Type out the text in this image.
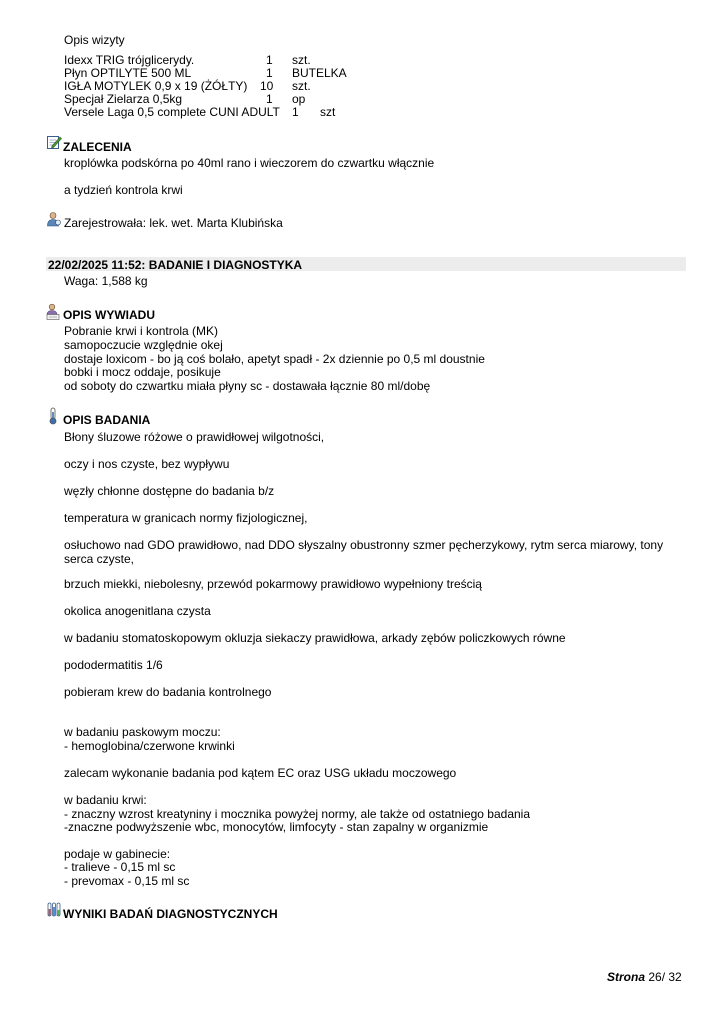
Opis wizyty
Idexx TRIG trójglicerydy.	1 szt.
Płyn OPTILYTE 500 ML	1 BUTELKA
IGŁA MOTYLEK 0,9 x 19 (ŻÓŁTY) 10 szt.
Specjał Zielarza 0,5kg	1 op
Versele Laga 0,5 complete CUNI ADULT 1 szt
ZALECENIA
kroplówka podskórna po 40ml rano i wieczorem do czwartku włącznie
a tydzień kontrola krwi
Zarejestrowała: lek. wet. Marta Klubińska
22/02/2025 11:52: BADANIE I DIAGNOSTYKA
Waga: 1,588 kg
OPIS WYWIADU
Pobranie krwi i kontrola (MK)
samopoczucie względnie okej
dostaje loxicom - bo ją coś bolało, apetyt spadł - 2x dziennie po 0,5 ml doustnie
bobki i mocz oddaje, posikuje
od soboty do czwartku miała płyny sc - dostawała łącznie 80 ml/dobę
OPIS BADANIA
Błony śluzowe różowe o prawidłowej wilgotności,
oczy i nos czyste, bez wypływu
węzły chłonne dostępne do badania b/z
temperatura w granicach normy fizjologicznej,
osłuchowo nad GDO prawidłowo, nad DDO słyszalny obustronny szmer pęcherzykowy, rytm serca miarowy, tony
serca czyste,
brzuch miekki, niebolesny, przewód pokarmowy prawidłowo wypełniony treścią
okolica anogenitlana czysta
w badaniu stomatoskopowym okluzja siekaczy prawidłowa, arkady zębów policzkowych równe
pododermatitis 1/6
pobieram krew do badania kontrolnego
w badaniu paskowym moczu:
- hemoglobina/czerwone krwinki
zalecam wykonanie badania pod kątem EC oraz USG układu moczowego
w badaniu krwi:
- znaczny wzrost kreatyniny i mocznika powyżej normy, ale także od ostatniego badania
-znaczne podwyższenie wbc, monocytów, limfocyty - stan zapalny w organizmie
podaje w gabinecie:
- tralieve - 0,15 ml sc
- prevomax - 0,15 ml sc
WYNIKI BADAŃ DIAGNOSTYCZNYCH
Strona 26/ 32
